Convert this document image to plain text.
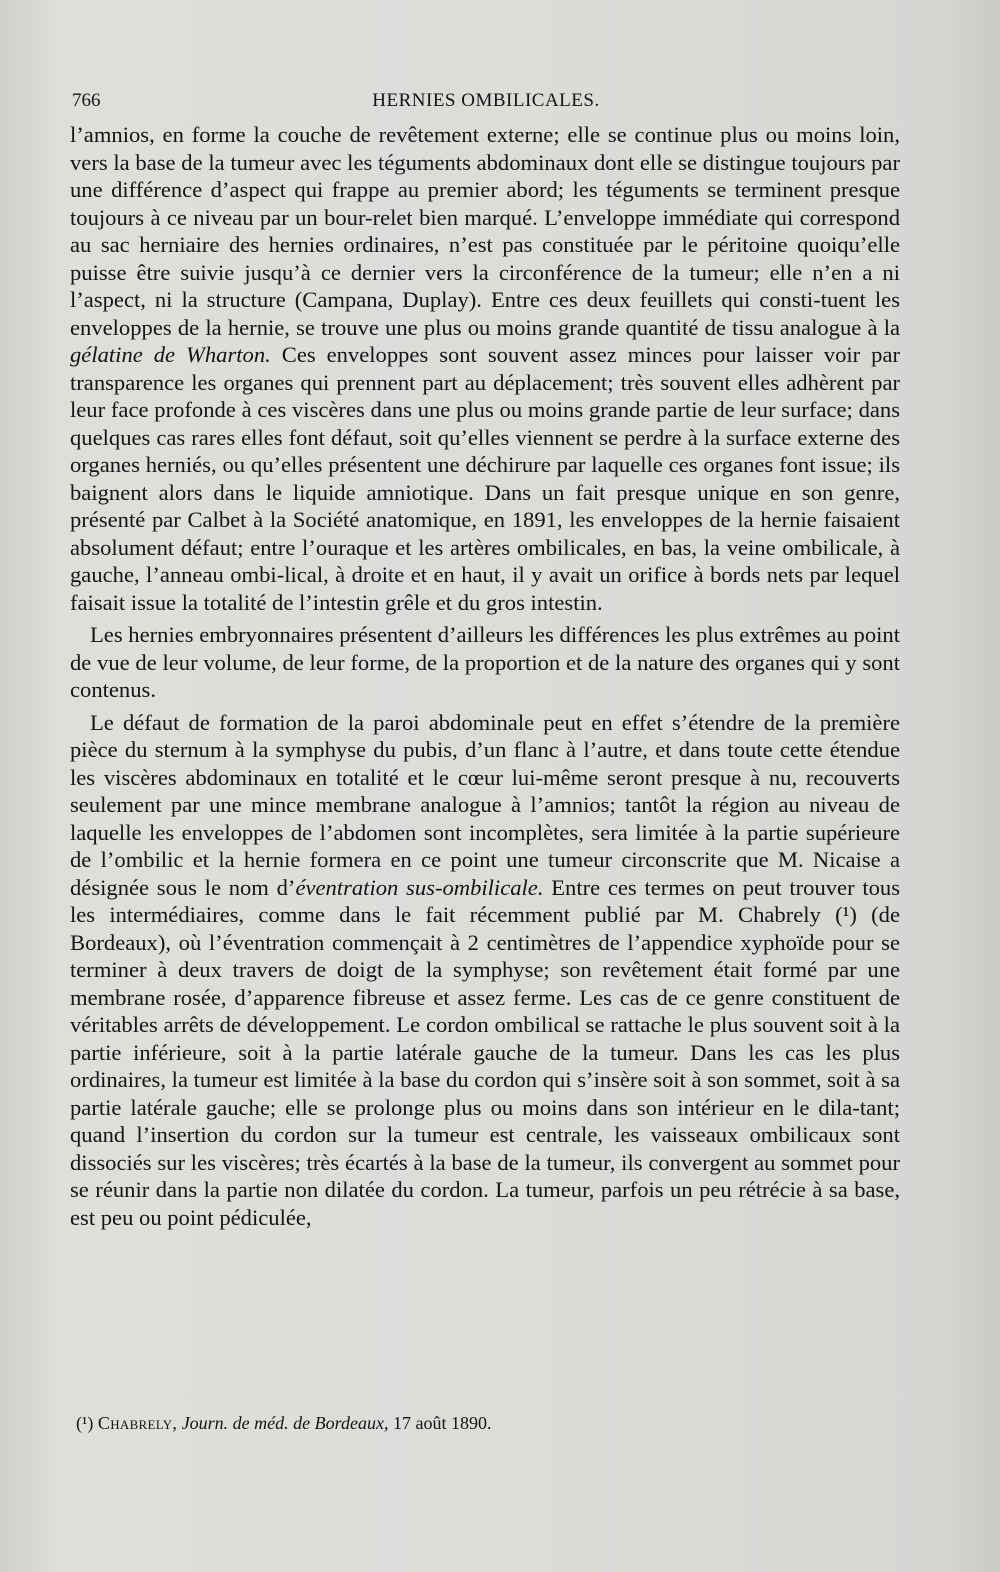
766	HERNIES OMBILICALES.

l’amnios, en forme la couche de revêtement externe; elle se continue plus ou moins loin, vers la base de la tumeur avec les téguments abdominaux dont elle se distingue toujours par une différence d’aspect qui frappe au premier abord; les téguments se terminent presque toujours à ce niveau par un bour-relet bien marqué. L’enveloppe immédiate qui correspond au sac herniaire des hernies ordinaires, n’est pas constituée par le péritoine quoiqu’elle puisse être suivie jusqu’à ce dernier vers la circonférence de la tumeur; elle n’en a ni l’aspect, ni la structure (Campana, Duplay). Entre ces deux feuillets qui consti-tuent les enveloppes de la hernie, se trouve une plus ou moins grande quantité de tissu analogue à la gélatine de Wharton. Ces enveloppes sont souvent assez minces pour laisser voir par transparence les organes qui prennent part au déplacement; très souvent elles adhèrent par leur face profonde à ces viscères dans une plus ou moins grande partie de leur surface; dans quelques cas rares elles font défaut, soit qu’elles viennent se perdre à la surface externe des organes herniés, ou qu’elles présentent une déchirure par laquelle ces organes font issue; ils baignent alors dans le liquide amniotique. Dans un fait presque unique en son genre, présenté par Calbet à la Société anatomique, en 1891, les enveloppes de la hernie faisaient absolument défaut; entre l’ouraque et les artères ombilicales, en bas, la veine ombilicale, à gauche, l’anneau ombi-lical, à droite et en haut, il y avait un orifice à bords nets par lequel faisait issue la totalité de l’intestin grêle et du gros intestin.

Les hernies embryonnaires présentent d’ailleurs les différences les plus extrêmes au point de vue de leur volume, de leur forme, de la proportion et de la nature des organes qui y sont contenus.

Le défaut de formation de la paroi abdominale peut en effet s’étendre de la première pièce du sternum à la symphyse du pubis, d’un flanc à l’autre, et dans toute cette étendue les viscères abdominaux en totalité et le cœur lui-même seront presque à nu, recouverts seulement par une mince membrane analogue à l’amnios; tantôt la région au niveau de laquelle les enveloppes de l’abdomen sont incomplètes, sera limitée à la partie supérieure de l’ombilic et la hernie formera en ce point une tumeur circonscrite que M. Nicaise a désignée sous le nom d’éventration sus-ombilicale. Entre ces termes on peut trouver tous les intermédiaires, comme dans le fait récemment publié par M. Chabrely (¹) (de Bordeaux), où l’éventration commençait à 2 centimètres de l’appendice xyphoïde pour se terminer à deux travers de doigt de la symphyse; son revêtement était formé par une membrane rosée, d’apparence fibreuse et assez ferme. Les cas de ce genre constituent de véritables arrêts de développement. Le cordon ombilical se rattache le plus souvent soit à la partie inférieure, soit à la partie latérale gauche de la tumeur. Dans les cas les plus ordinaires, la tumeur est limitée à la base du cordon qui s’insère soit à son sommet, soit à sa partie latérale gauche; elle se prolonge plus ou moins dans son intérieur en le dila-tant; quand l’insertion du cordon sur la tumeur est centrale, les vaisseaux ombilicaux sont dissociés sur les viscères; très écartés à la base de la tumeur, ils convergent au sommet pour se réunir dans la partie non dilatée du cordon. La tumeur, parfois un peu rétrécie à sa base, est peu ou point pédiculée,

(¹) Chabrely, Journ. de méd. de Bordeaux, 17 août 1890.
